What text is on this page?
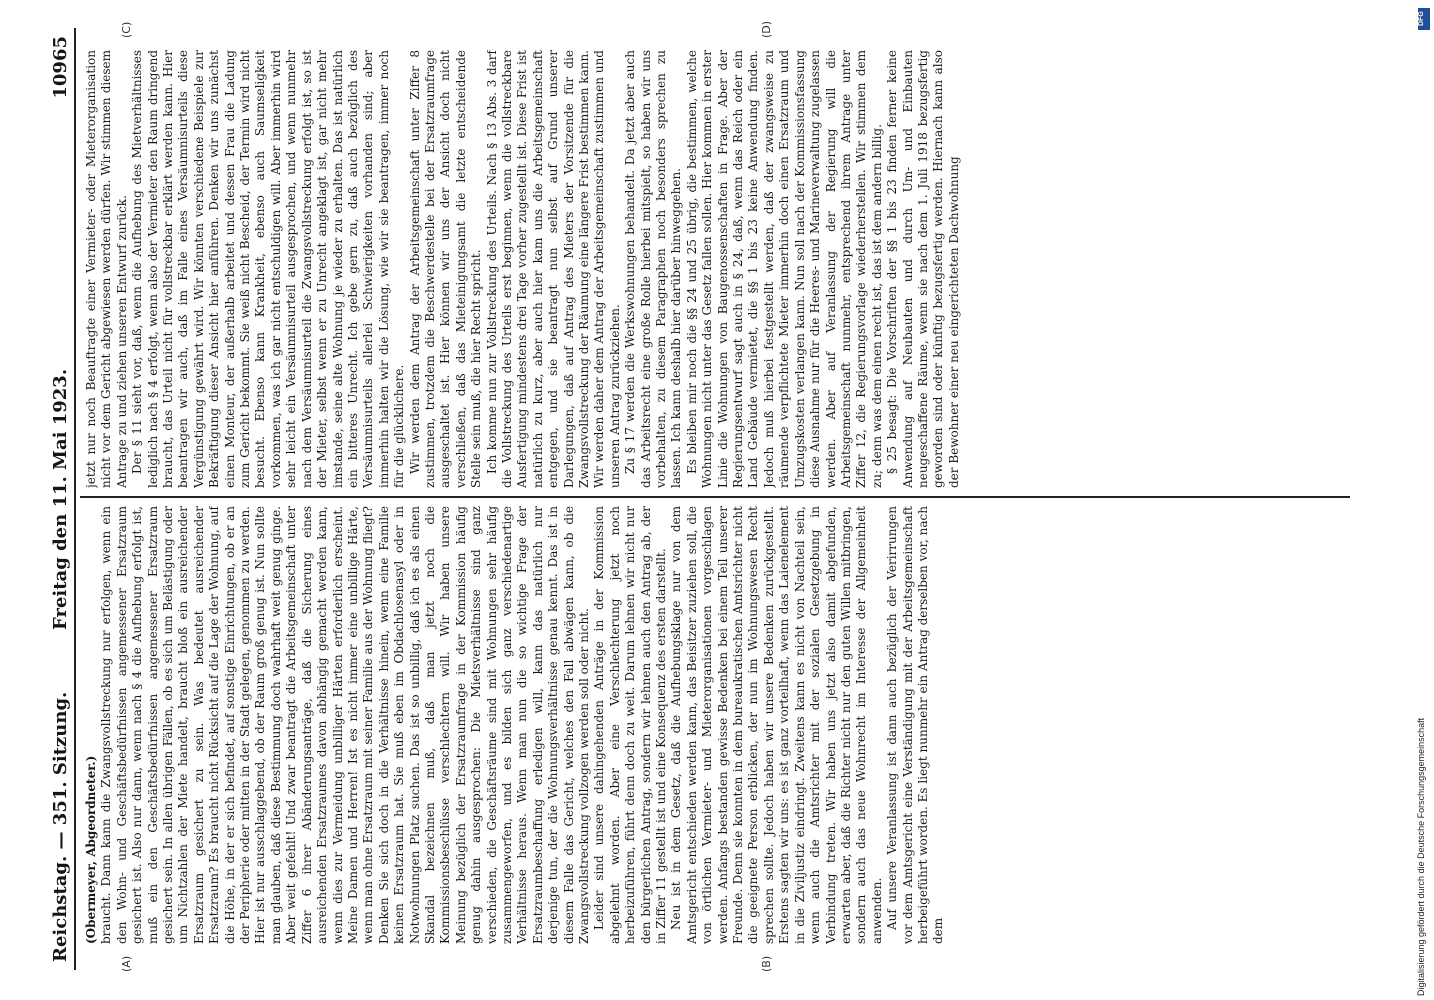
Reichstag. — 351. Sitzung.
Freitag den 11. Mai 1923.
10965
(A)	(B)
(C)	(D)

(Obermeyer, Abgeordneter.) braucht. Dann kann die Zwangsvollstreckung nur erfolgen, wenn ein den Wohn- und Geschäftsbedürfnissen angemessener Ersatzraum gesichert ist. Also nur dann, wenn nach § 4 die Aufhebung erfolgt ist, muß ein den Geschäftsbedürfnissen angemessener Ersatzraum gesichert sein. In allen übrigen Fällen, ob es sich um Belästigung oder um Nichtzahlen der Miete handelt, braucht bloß ein ausreichender Ersatzraum gesichert zu sein. Was bedeutet ausreichender Ersatzraum? Es braucht nicht Rücksicht auf die Lage der Wohnung, auf die Höhe, in der er sich befindet, auf sonstige Einrichtungen, ob er an der Peripherie oder mitten in der Stadt gelegen, genommen zu werden. Hier ist nur ausschlaggebend, ob der Raum groß genug ist. Nun sollte man glauben, daß diese Bestimmung doch wahrhaft weit genug ginge. Aber weit gefehlt! Und zwar beantragt die Arbeitsgemeinschaft unter Ziffer 6 ihrer Abänderungsanträge, daß die Sicherung eines ausreichenden Ersatzraumes davon abhängig gemacht werden kann, wenn dies zur Vermeidung unbilliger Härten erforderlich erscheint. Meine Damen und Herren! Ist es nicht immer eine unbillige Härte, wenn man ohne Ersatzraum mit seiner Familie aus der Wohnung fliegt? Denken Sie sich doch in die Verhältnisse hinein, wenn eine Familie keinen Ersatzraum hat. Sie muß eben im Obdachlosenasyl oder in Notwohnungen Platz suchen. Das ist so unbillig, daß ich es als einen Skandal bezeichnen muß, daß man jetzt noch die Kommissionsbeschlüsse verschlechtern will. Wir haben unsere Meinung bezüglich der Ersatzraumfrage in der Kommission häufig genug dahin ausgesprochen: Die Mietsverhältnisse sind ganz verschieden, die Geschäftsräume sind mit Wohnungen sehr häufig zusammengeworfen, und es bilden sich ganz verschiedenartige Verhältnisse heraus. Wenn man nun die so wichtige Frage der Ersatzraumbeschaffung erledigen will, kann das natürlich nur derjenige tun, der die Wohnungsverhältnisse genau kennt. Das ist in diesem Falle das Gericht, welches den Fall abwägen kann, ob die Zwangsvollstreckung vollzogen werden soll oder nicht. Leider sind unsere dahingehenden Anträge in der Kommission abgelehnt worden. Aber eine Verschlechterung jetzt noch herbeizuführen, führt denn doch zu weit. Darum lehnen wir nicht nur den bürgerlichen Antrag, sondern wir lehnen auch den Antrag ab, der in Ziffer 11 gestellt ist und eine Konsequenz des ersten darstellt. Neu ist in dem Gesetz, daß die Aufhebungsklage nur von dem Amtsgericht entschieden werden kann, das Beisitzer zuziehen soll, die von örtlichen Vermieter- und Mieterorganisationen vorgeschlagen werden. Anfangs bestanden gewisse Bedenken bei einem Teil unserer Freunde. Denn sie konnten in dem bureaukratischen Amtsrichter nicht die geeignete Person erblicken, der nun im Wohnungswesen Recht sprechen sollte. Jedoch haben wir unsere Bedenken zurückgestellt. Erstens sagten wir uns: es ist ganz vorteilhaft, wenn das Laienelement in die Ziviljustiz eindringt. Zweitens kann es nicht von Nachteil sein, wenn auch die Amtsrichter mit der sozialen Gesetzgebung in Verbindung treten. Wir haben uns jetzt also damit abgefunden, erwarten aber, daß die Richter nicht nur den guten Willen mitbringen, sondern auch das neue Wohnrecht im Interesse der Allgemeinheit anwenden. Auf unsere Veranlassung ist dann auch bezüglich der Verirrungen vor dem Amtsgericht eine Verständigung mit der Arbeitsgemeinschaft herbeigeführt worden. Es liegt nunmehr ein Antrag derselben vor, nach dem

jetzt nur noch Beauftragte einer Vermieter- oder Mieterorganisation nicht vor dem Gericht abgewiesen werden dürfen. Wir stimmen diesem Antrage zu und ziehen unseren Entwurf zurück. Der § 11 sieht vor, daß, wenn die Aufhebung des Mietverhältnisses lediglich nach § 4 erfolgt, wenn also der Vermieter den Raum dringend braucht, das Urteil nicht für vollstreckbar erklärt werden kann. Hier beantragen wir auch, daß im Falle eines Versäumnisurteils diese Vergünstigung gewährt wird. Wir könnten verschiedene Beispiele zur Bekräftigung dieser Ansicht hier anführen. Denken wir uns zunächst einen Monteur, der außerhalb arbeitet und dessen Frau die Ladung zum Gericht bekommt. Sie weiß nicht Bescheid, der Termin wird nicht besucht. Ebenso kann Krankheit, ebenso auch Saumseligkeit vorkommen, was ich gar nicht entschuldigen will. Aber immerhin wird sehr leicht ein Versäumnisurteil ausgesprochen, und wenn nunmehr nach dem Versäumnisurteil die Zwangsvollstreckung erfolgt ist, so ist der Mieter, selbst wenn er zu Unrecht angeklagt ist, gar nicht mehr imstande, seine alte Wohnung je wieder zu erhalten. Das ist natürlich ein bitteres Unrecht. Ich gebe gern zu, daß auch bezüglich des Versäumnisurteils allerlei Schwierigkeiten vorhanden sind; aber immerhin halten wir die Lösung, wie wir sie beantragen, immer noch für die glücklichere. Wir werden dem Antrag der Arbeitsgemeinschaft unter Ziffer 8 zustimmen, trotzdem die Beschwerdestelle bei der Ersatzraumfrage ausgeschaltet ist. Hier können wir uns der Ansicht doch nicht verschließen, daß das Mieteinigungsamt die letzte entscheidende Stelle sein muß, die hier Recht spricht. Ich komme nun zur Vollstreckung des Urteils. Nach § 13 Abs. 3 darf die Vollstreckung des Urteils erst beginnen, wenn die vollstreckbare Ausfertigung mindestens drei Tage vorher zugestellt ist. Diese Frist ist natürlich zu kurz, aber auch hier kam uns die Arbeitsgemeinschaft entgegen, und sie beantragt nun selbst auf Grund unserer Darlegungen, daß auf Antrag des Mieters der Vorsitzende für die Zwangsvollstreckung der Räumung eine längere Frist bestimmen kann. Wir werden daher dem Antrag der Arbeitsgemeinschaft zustimmen und unseren Antrag zurückziehen. Zu § 17 werden die Werkswohnungen behandelt. Da jetzt aber auch das Arbeitsrecht eine große Rolle hierbei mitspielt, so haben wir uns vorbehalten, zu diesem Paragraphen noch besonders sprechen zu lassen. Ich kann deshalb hier darüber hinweggehen. Es bleiben mir noch die §§ 24 und 25 übrig, die bestimmen, welche Wohnungen nicht unter das Gesetz fallen sollen. Hier kommen in erster Linie die Wohnungen von Baugenossenschaften in Frage. Aber der Regierungsentwurf sagt auch in § 24, daß, wenn das Reich oder ein Land Gebäude vermietet, die §§ 1 bis 23 keine Anwendung finden. Jedoch muß hierbei festgestellt werden, daß der zwangsweise zu räumende verpflichtete Mieter immerhin doch einen Ersatzraum und Umzugskosten verlangen kann. Nun soll nach der Kommissionsfassung diese Ausnahme nur für die Heeres- und Marineverwaltung zugelassen werden. Aber auf Veranlassung der Regierung will die Arbeitsgemeinschaft nunmehr, entsprechend ihrem Antrage unter Ziffer 12, die Regierungsvorlage wiederherstellen. Wir stimmen dem zu; denn was dem einen recht ist, das ist dem andern billig. § 25 besagt: Die Vorschriften der §§ 1 bis 23 finden ferner keine Anwendung auf Neubauten und durch Um- und Einbauten neugeschaffene Räume, wenn sie nach dem 1. Juli 1918 bezugsfertig geworden sind oder künftig bezugsfertig werden. Hiernach kann also der Bewohner einer neu eingerichteten Dachwohnung

Digitalisierung gefördert durch die Deutsche Forschungsgemeinschaft
DFG
